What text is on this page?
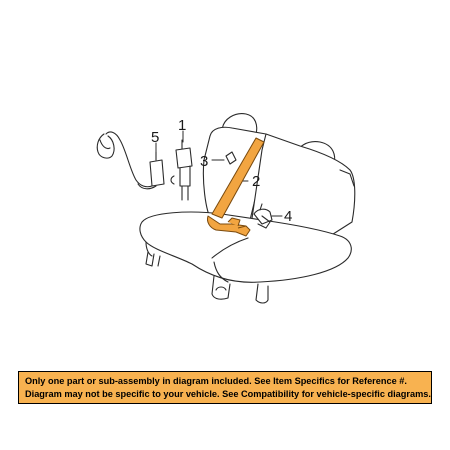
1
5
3
2
4
Only one part or sub-assembly in diagram included. See Item Specifics for Reference #.
Diagram may not be specific to your vehicle. See Compatibility for vehicle-specific diagrams.
